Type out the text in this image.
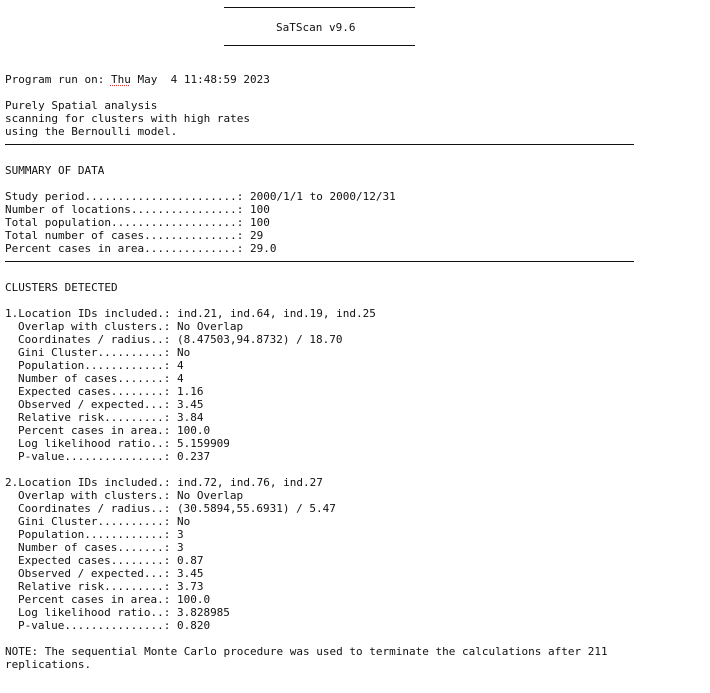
SaTScan v9.6
Program run on: Thu May  4 11:48:59 2023
Purely Spatial analysis
scanning for clusters with high rates
using the Bernoulli model.
SUMMARY OF DATA
Study period.......................: 2000/1/1 to 2000/12/31
Number of locations................: 100
Total population...................: 100
Total number of cases..............: 29
Percent cases in area..............: 29.0
CLUSTERS DETECTED
1.Location IDs included.: ind.21, ind.64, ind.19, ind.25
Overlap with clusters.: No Overlap
Coordinates / radius..: (8.47503,94.8732) / 18.70
Gini Cluster..........: No
Population............: 4
Number of cases.......: 4
Expected cases........: 1.16
Observed / expected...: 3.45
Relative risk.........: 3.84
Percent cases in area.: 100.0
Log likelihood ratio..: 5.159909
P-value...............: 0.237
2.Location IDs included.: ind.72, ind.76, ind.27
Overlap with clusters.: No Overlap
Coordinates / radius..: (30.5894,55.6931) / 5.47
Gini Cluster..........: No
Population............: 3
Number of cases.......: 3
Expected cases........: 0.87
Observed / expected...: 3.45
Relative risk.........: 3.73
Percent cases in area.: 100.0
Log likelihood ratio..: 3.828985
P-value...............: 0.820
NOTE: The sequential Monte Carlo procedure was used to terminate the calculations after 211
replications.
